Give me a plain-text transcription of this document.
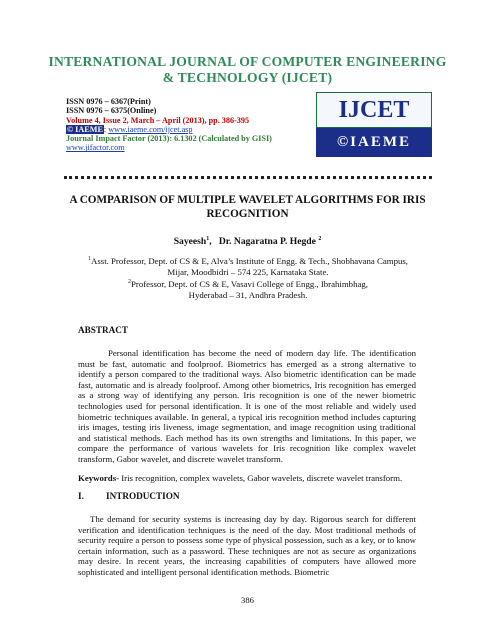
INTERNATIONAL JOURNAL OF COMPUTER ENGINEERING
& TECHNOLOGY (IJCET)
ISSN 0976 – 6367(Print)
ISSN 0976 – 6375(Online)
Volume 4, Issue 2, March – April (2013), pp. 386-395
© IAEME: www.iaeme.com/ijcet.asp
Journal Impact Factor (2013): 6.1302 (Calculated by GISI)
www.jifactor.com
IJCET
©IAEME
A COMPARISON OF MULTIPLE WAVELET ALGORITHMS FOR IRIS
RECOGNITION
Sayeesh$^1$, Dr. Nagaratna P. Hegde $^2$
$^1$Asst. Professor, Dept. of CS & E, Alva’s Institute of Engg. & Tech., Shobhavana Campus,
Mijar, Moodbidri – 574 225, Karnataka State.
$^2$Professor, Dept. of CS & E, Vasavi College of Engg., Ibrahimbhag,
Hyderabad – 31, Andhra Pradesh.
ABSTRACT
Personal identification has become the need of modern day life. The identification must be fast, automatic and foolproof. Biometrics has emerged as a strong alternative to identify a person compared to the traditional ways. Also biometric identification can be made fast, automatic and is already foolproof. Among other biometrics, Iris recognition has emerged as a strong way of identifying any person. Iris recognition is one of the newer biometric technologies used for personal identification. It is one of the most reliable and widely used biometric techniques available. In general, a typical iris recognition method includes capturing iris images, testing iris liveness, image segmentation, and image recognition using traditional and statistical methods. Each method has its own strengths and limitations. In this paper, we compare the performance of various wavelets for Iris recognition like complex wavelet transform, Gabor wavelet, and discrete wavelet transform.
Keywords- Iris recognition, complex wavelets, Gabor wavelets, discrete wavelet transform.
I. INTRODUCTION
The demand for security systems is increasing day by day. Rigorous search for different verification and identification techniques is the need of the day. Most traditional methods of security require a person to possess some type of physical possession, such as a key, or to know certain information, such as a password. These techniques are not as secure as organizations may desire. In recent years, the increasing capabilities of computers have allowed more sophisticated and intelligent personal identification methods. Biometric
386
